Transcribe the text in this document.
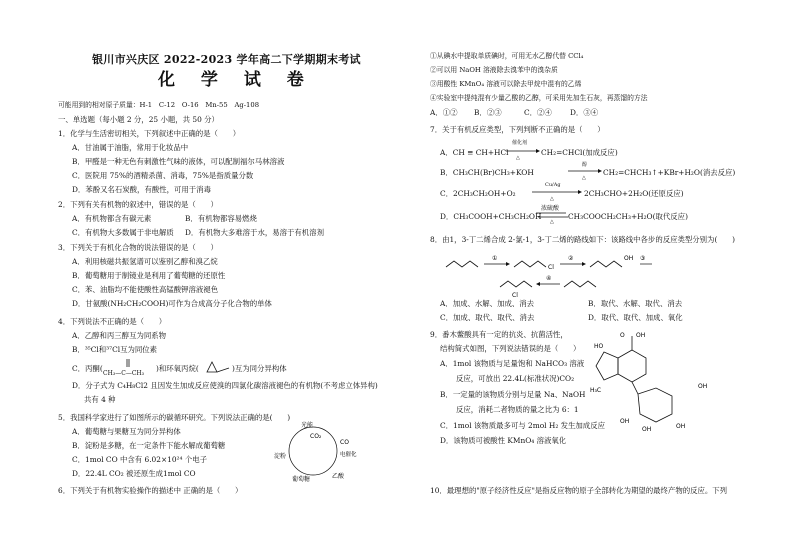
银川市兴庆区 2022-2023 学年高二下学期期末考试
化 学 试 卷
可能用到的相对原子质量：H-1　C-12　O-16　Mn-55　Ag-108
一、单选题（每小题 2 分，25 小题，共 50 分）
1．化学与生活密切相关，下列叙述中正确的是（　　）
A．甘油属于油脂，常用于化妆品中
B．甲醛是一种无色有刺激性气味的液体，可以配制福尔马林溶液
C．医院用 75%的酒精杀菌、消毒，75%是指质量分数
D．苯酚又名石炭酸，有酸性，可用于消毒
2．下列有关有机物的叙述中，错误的是（　　）
A．有机物都含有碳元素	B．有机物都容易燃烧
C．有机物大多数属于非电解质 D．有机物大多难溶于水，易溶于有机溶剂
3．下列关于有机化合物的说法错误的是（　　）
A．利用核磁共振氢谱可以鉴别乙醇和溴乙烷
B．葡萄糖用于制镜业是利用了葡萄糖的还原性
C．苯、油脂均不能使酸性高锰酸钾溶液褪色
D．甘氨酸(NH₂CH₂COOH)可作为合成高分子化合物的单体
4．下列说法不正确的是（　　）
A．乙醇和丙三醇互为同系物
B．³⁵Cl和³⁷Cl互为同位素
C．丙酮(
CH₃—C—CH₃
)和环氧丙烷(	)互为同分异构体
D．分子式为 C₄H₈Cl2 且因发生加成反应使溴的四氯化碳溶液褪色的有机物(不考虑立体异构)
共有 4 种
5．我国科学家进行了如图所示的碳循环研究。下列说法正确的是(　　)
A．葡萄糖与果糖互为同分异构体
B．淀粉是多糖，在一定条件下能水解成葡萄糖
C．1mol CO 中含有 6.02×10²⁴ 个电子
D．22.4L CO₂ 被还原生成1mol CO
光能
CO₂
CO
电催化
乙酸
葡萄糖
淀粉
6．下列关于有机物实验操作的描述中 正确的是（　　）
①从碘水中提取单质碘时，可用无水乙醇代替 CCl₄
②可以用 NaOH 溶液除去溴苯中的溴杂质
③用酸性 KMnO₄ 溶液可以除去甲烷中混有的乙烯
④实验室中提纯混有少量乙酸的乙醇，可采用先加生石灰，再蒸馏的方法
A．①② B．②③	C．②④ D．③④
7．关于有机反应类型，下列判断不正确的是（　　）
A．CH ≡ CH+HCl
催化剂
△
→ CH₂=CHCl(加成反应)
B．CH₃CH(Br)CH₃+KOH
醇
△
→ CH₂=CHCH₃↑+KBr+H₂O(消去反应)
C．2CH₃CH₂OH+O₂
Cu/Ag
△
→ 2CH₃CHO+2H₂O(还原反应)
D．CH₃COOH+CH₃CH₂OH
浓硫酸
△
CH₃COOCH₂CH₃+H₂O(取代反应)
8．由1，3-丁二烯合成 2-氯-1，3-丁二烯的路线如下：该路线中各步的反应类型分别为(　　)
①
Cl
②	OH ③
Cl
④
A．加成、水解、加成、消去	B．取代、水解、取代、消去
C．加成、取代、取代、消去	D．取代、取代、加成、氧化
9．番木鳖酸具有一定的抗炎、抗菌活性，
结构简式如图，下列说法错误的是（　　）
A．1mol 该物质与足量饱和 NaHCO₃ 溶液
反应，可放出 22.4L(标准状况)CO₂
B．一定量的该物质分别与足量 Na、NaOH
反应，消耗二者物质的量之比为 6：1
C．1mol 该物质最多可与 2mol H₂ 发生加成反应
D．该物质可被酸性 KMnO₄ 溶液氧化
O OH
HO
H₃C
OH
OH
OH
OH
10．最理想的"原子经济性反应"是指反应物的原子全部转化为期望的最终产物的反应。下列
